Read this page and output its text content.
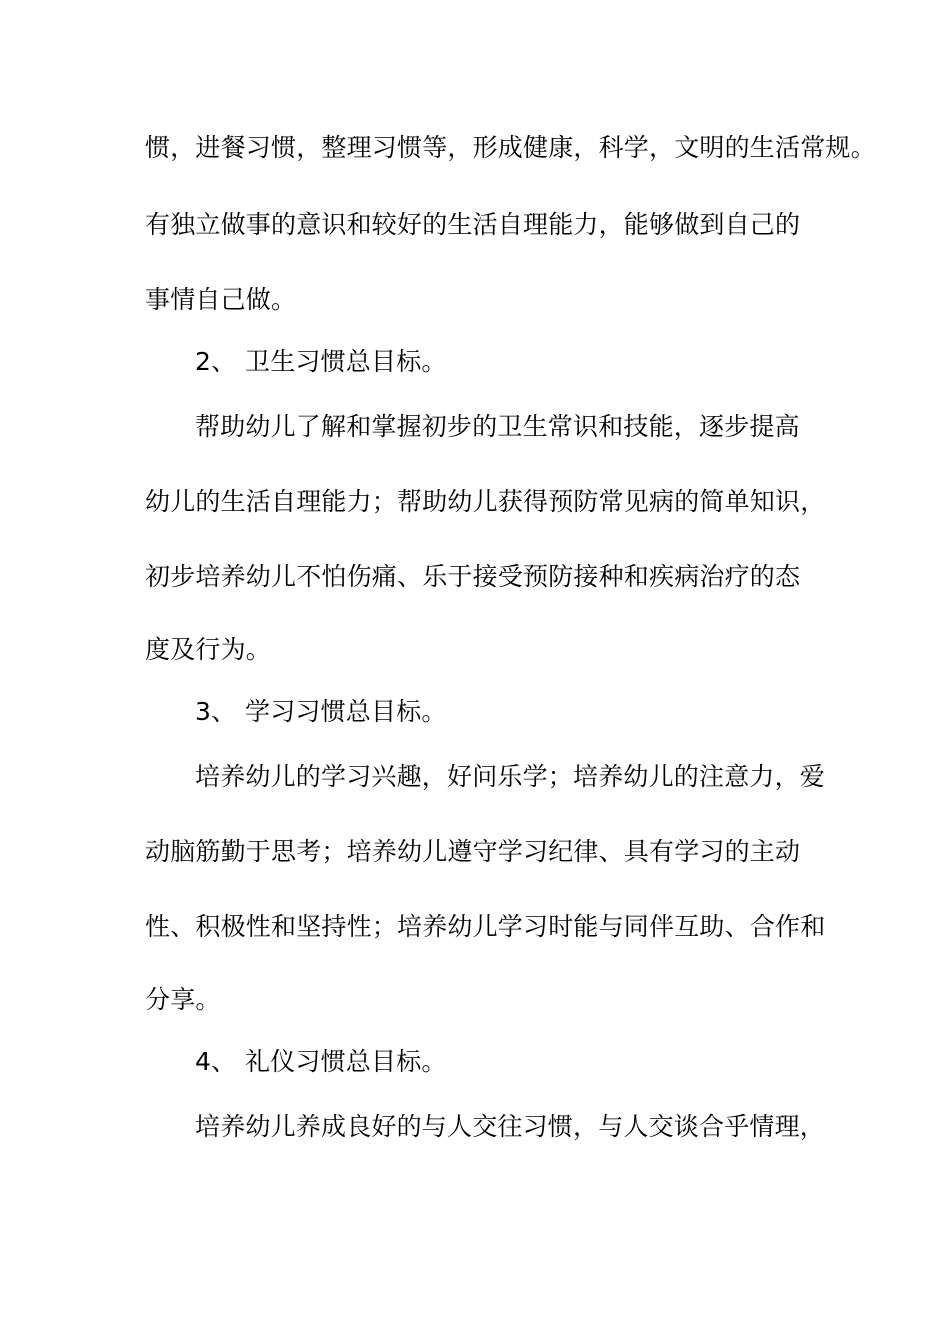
惯，进餐习惯，整理习惯等，形成健康，科学，文明的生活常规。
有独立做事的意识和较好的生活自理能力，能够做到自己的
事情自己做。
2、 卫生习惯总目标。
帮助幼儿了解和掌握初步的卫生常识和技能，逐步提高
幼儿的生活自理能力；帮助幼儿获得预防常见病的简单知识，
初步培养幼儿不怕伤痛、乐于接受预防接种和疾病治疗的态
度及行为。
3、 学习习惯总目标。
培养幼儿的学习兴趣，好问乐学；培养幼儿的注意力，爱
动脑筋勤于思考；培养幼儿遵守学习纪律、具有学习的主动
性、积极性和坚持性；培养幼儿学习时能与同伴互助、合作和
分享。
4、 礼仪习惯总目标。
培养幼儿养成良好的与人交往习惯，与人交谈合乎情理，
